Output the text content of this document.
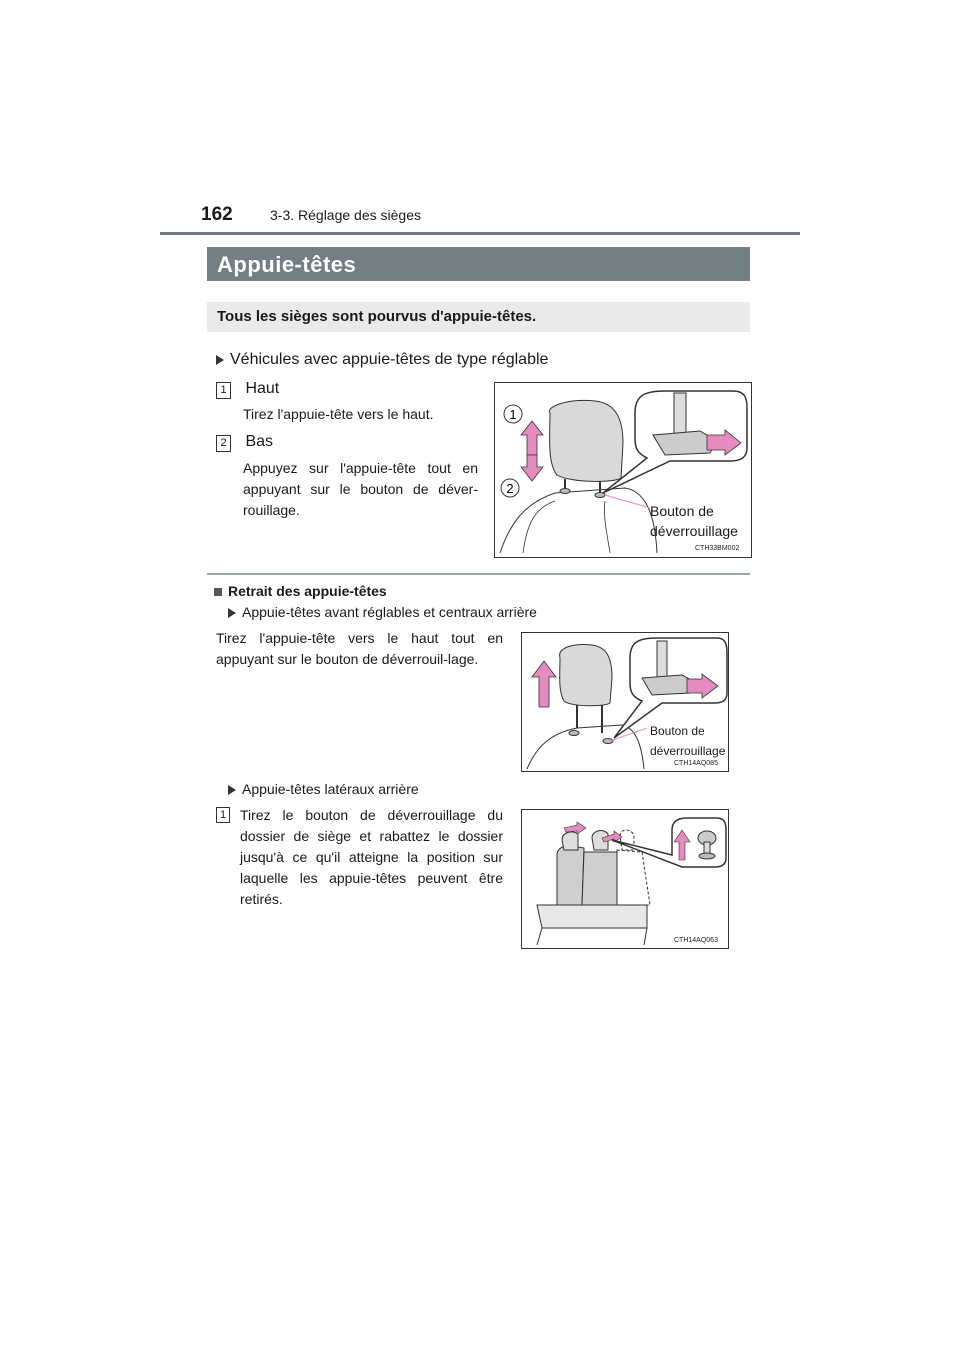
162	3-3. Réglage des sièges
Appuie-têtes
Tous les sièges sont pourvus d'appuie-têtes.
Véhicules avec appuie-têtes de type réglable
1 Haut
Tirez l'appuie-tête vers le haut.
2 Bas
Appuyez sur l'appuie-tête tout en appuyant sur le bouton de déver-rouillage.
1
2
Bouton de
déverrouillage
CTH33BM002
Retrait des appuie-têtes
Appuie-têtes avant réglables et centraux arrière
Tirez l'appuie-tête vers le haut tout en appuyant sur le bouton de déverrouil-lage.
Bouton de
déverrouillage
CTH14AQ085
Appuie-têtes latéraux arrière
1 Tirez le bouton de déverrouillage du dossier de siège et rabattez le dossier jusqu'à ce qu'il atteigne la position sur laquelle les appuie-têtes peuvent être retirés.
CTH14AQ063
